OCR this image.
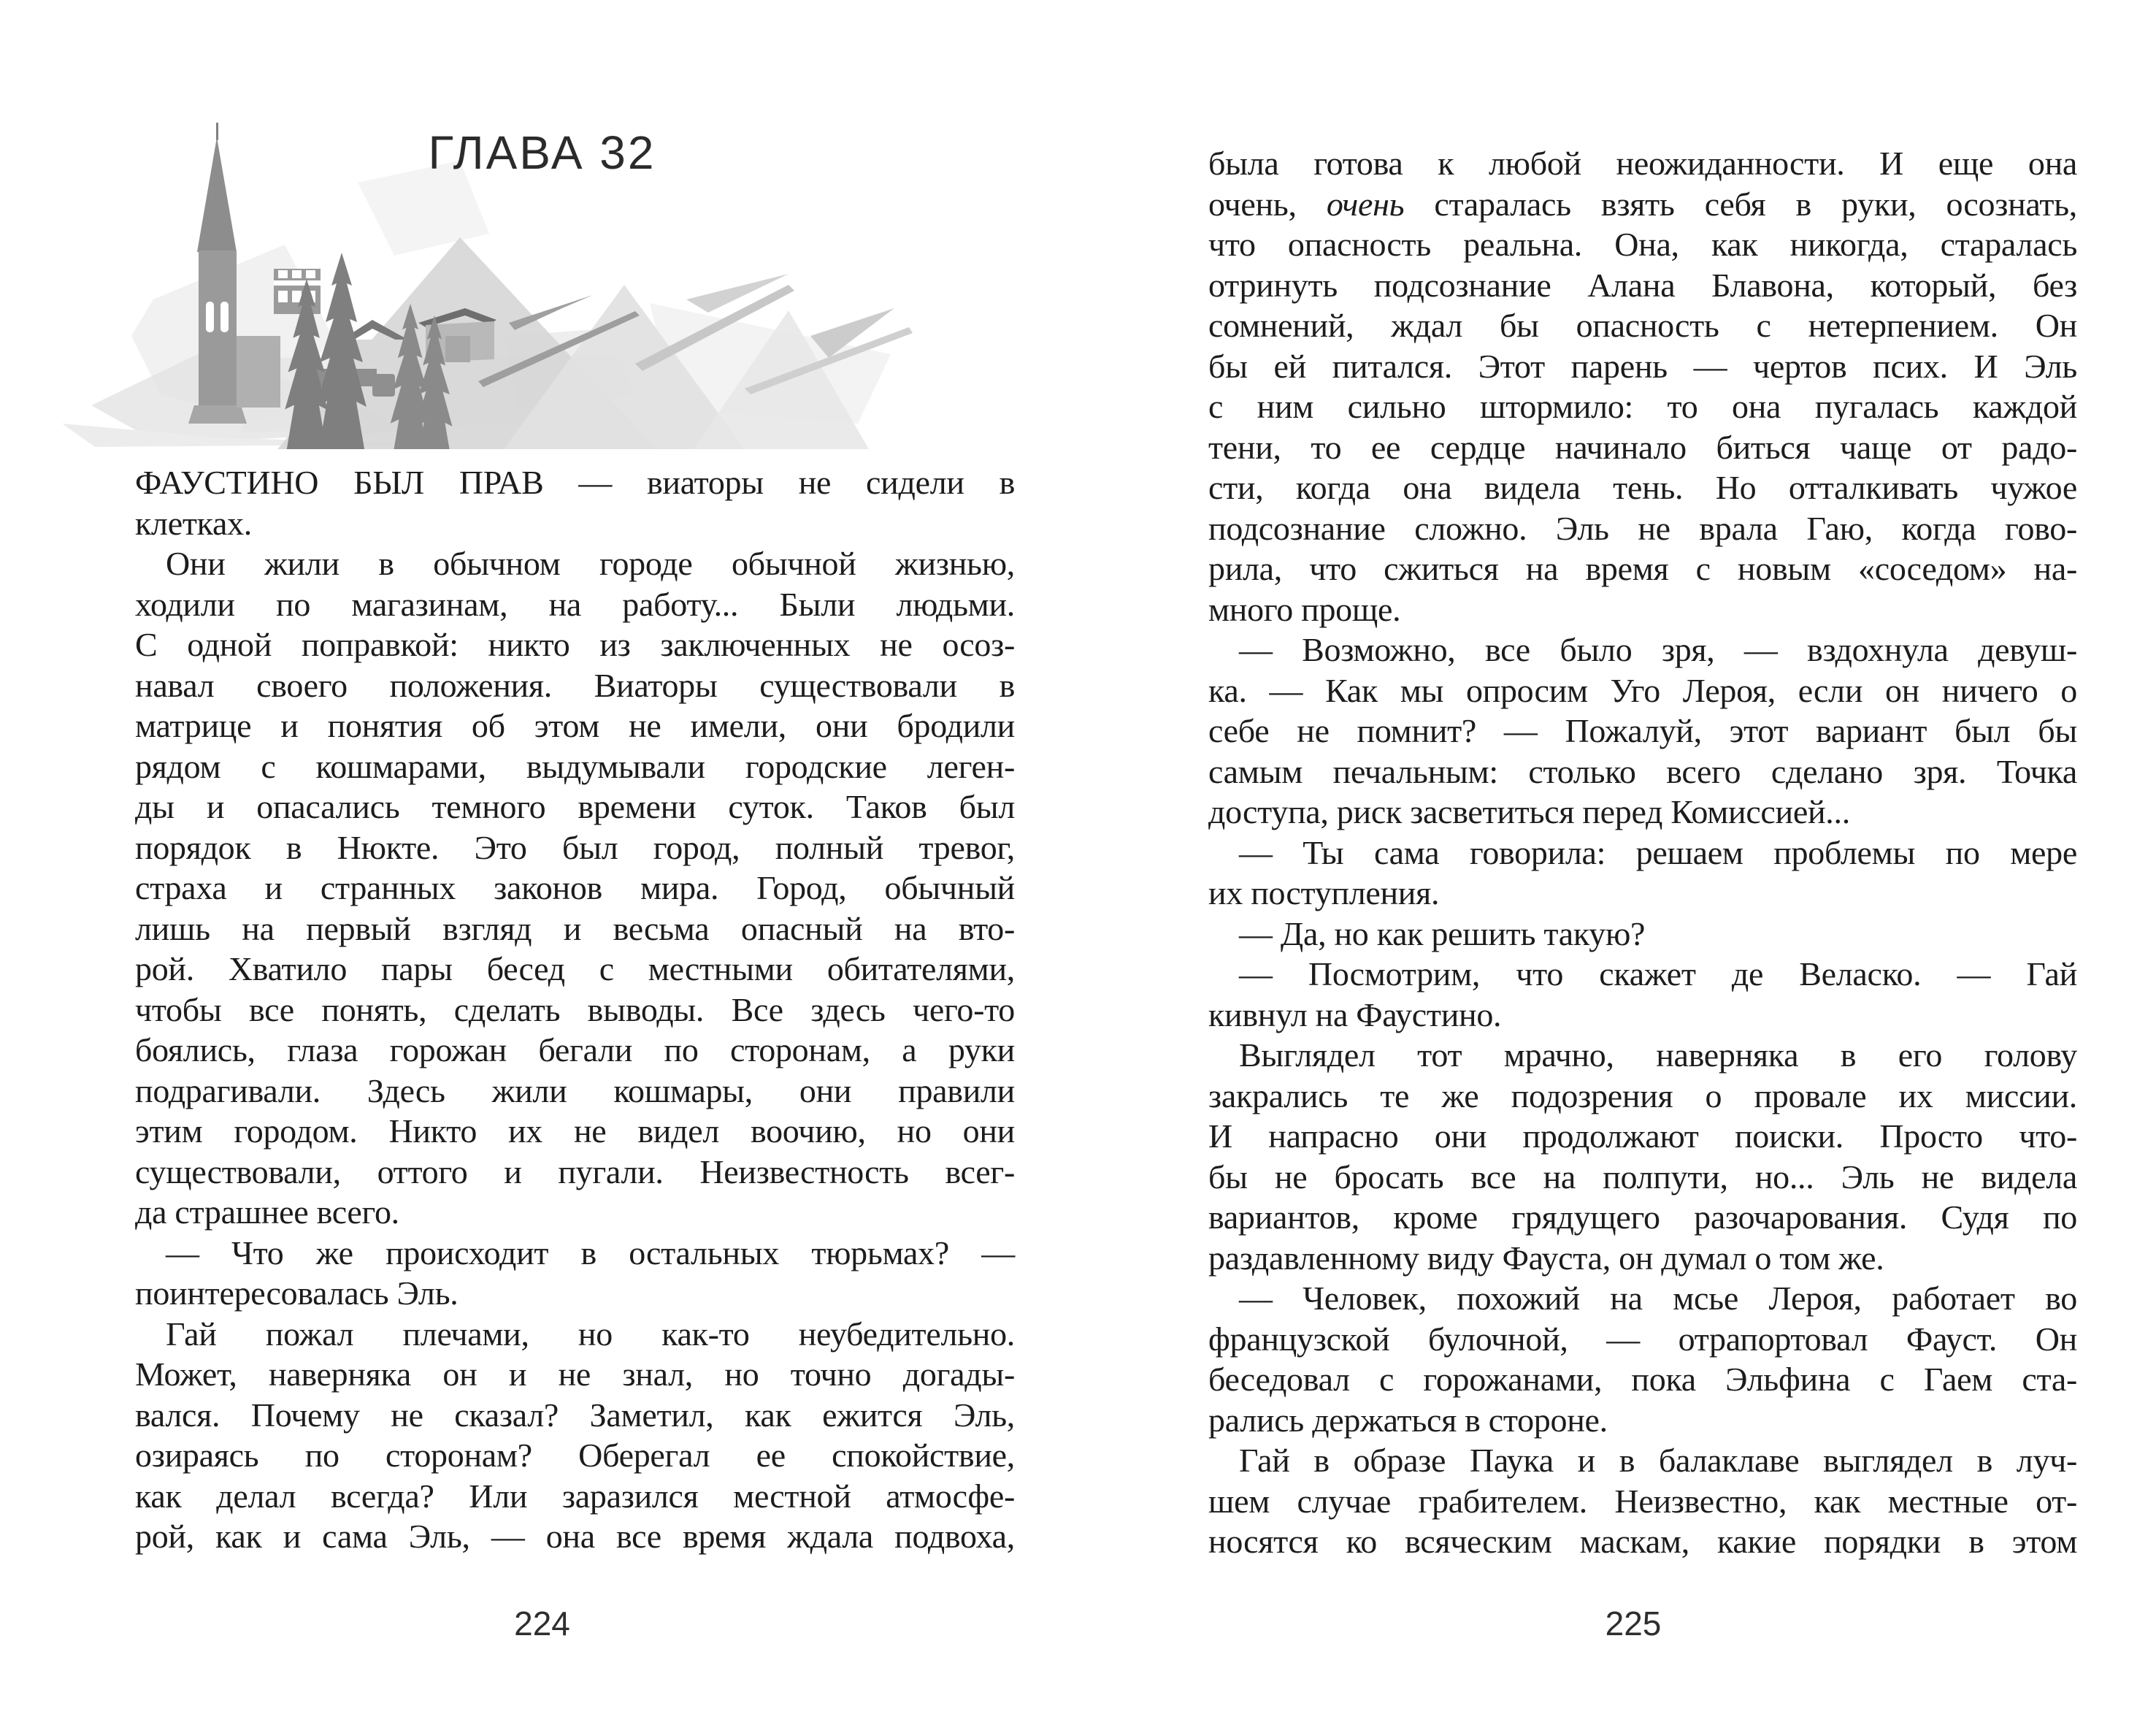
ГЛАВА 32
ФАУСТИНО БЫЛ ПРАВ — виаторы не сидели в
клетках.
Они жили в обычном городе обычной жизнью,
ходили по магазинам, на работу... Были людьми.
С одной поправкой: никто из заключенных не осоз-
навал своего положения. Виаторы существовали в
матрице и понятия об этом не имели, они бродили
рядом с кошмарами, выдумывали городские леген-
ды и опасались темного времени суток. Таков был
порядок в Нюкте. Это был город, полный тревог,
страха и странных законов мира. Город, обычный
лишь на первый взгляд и весьма опасный на вто-
рой. Хватило пары бесед с местными обитателями,
чтобы все понять, сделать выводы. Все здесь чего-то
боялись, глаза горожан бегали по сторонам, а руки
подрагивали. Здесь жили кошмары, они правили
этим городом. Никто их не видел воочию, но они
существовали, оттого и пугали. Неизвестность всег-
да страшнее всего.
— Что же происходит в остальных тюрьмах? —
поинтересовалась Эль.
Гай пожал плечами, но как-то неубедительно.
Может, наверняка он и не знал, но точно догады-
вался. Почему не сказал? Заметил, как ежится Эль,
озираясь по сторонам? Оберегал ее спокойствие,
как делал всегда? Или заразился местной атмосфе-
рой, как и сама Эль, — она все время ждала подвоха,
224
была готова к любой неожиданности. И еще она
очень, очень старалась взять себя в руки, осознать,
что опасность реальна. Она, как никогда, старалась
отринуть подсознание Алана Блавона, который, без
сомнений, ждал бы опасность с нетерпением. Он
бы ей питался. Этот парень — чертов псих. И Эль
с ним сильно штормило: то она пугалась каждой
тени, то ее сердце начинало биться чаще от радо-
сти, когда она видела тень. Но отталкивать чужое
подсознание сложно. Эль не врала Гаю, когда гово-
рила, что сжиться на время с новым «соседом» на-
много проще.
— Возможно, все было зря, — вздохнула девуш-
ка. — Как мы опросим Уго Лероя, если он ничего о
себе не помнит? — Пожалуй, этот вариант был бы
самым печальным: столько всего сделано зря. Точка
доступа, риск засветиться перед Комиссией...
— Ты сама говорила: решаем проблемы по мере
их поступления.
— Да, но как решить такую?
— Посмотрим, что скажет де Веласко. — Гай
кивнул на Фаустино.
Выглядел тот мрачно, наверняка в его голову
закрались те же подозрения о провале их миссии.
И напрасно они продолжают поиски. Просто что-
бы не бросать все на полпути, но... Эль не видела
вариантов, кроме грядущего разочарования. Судя по
раздавленному виду Фауста, он думал о том же.
— Человек, похожий на мсье Лероя, работает во
французской булочной, — отрапортовал Фауст. Он
беседовал с горожанами, пока Эльфина с Гаем ста-
рались держаться в стороне.
Гай в образе Паука и в балаклаве выглядел в луч-
шем случае грабителем. Неизвестно, как местные от-
носятся ко всяческим маскам, какие порядки в этом
225
